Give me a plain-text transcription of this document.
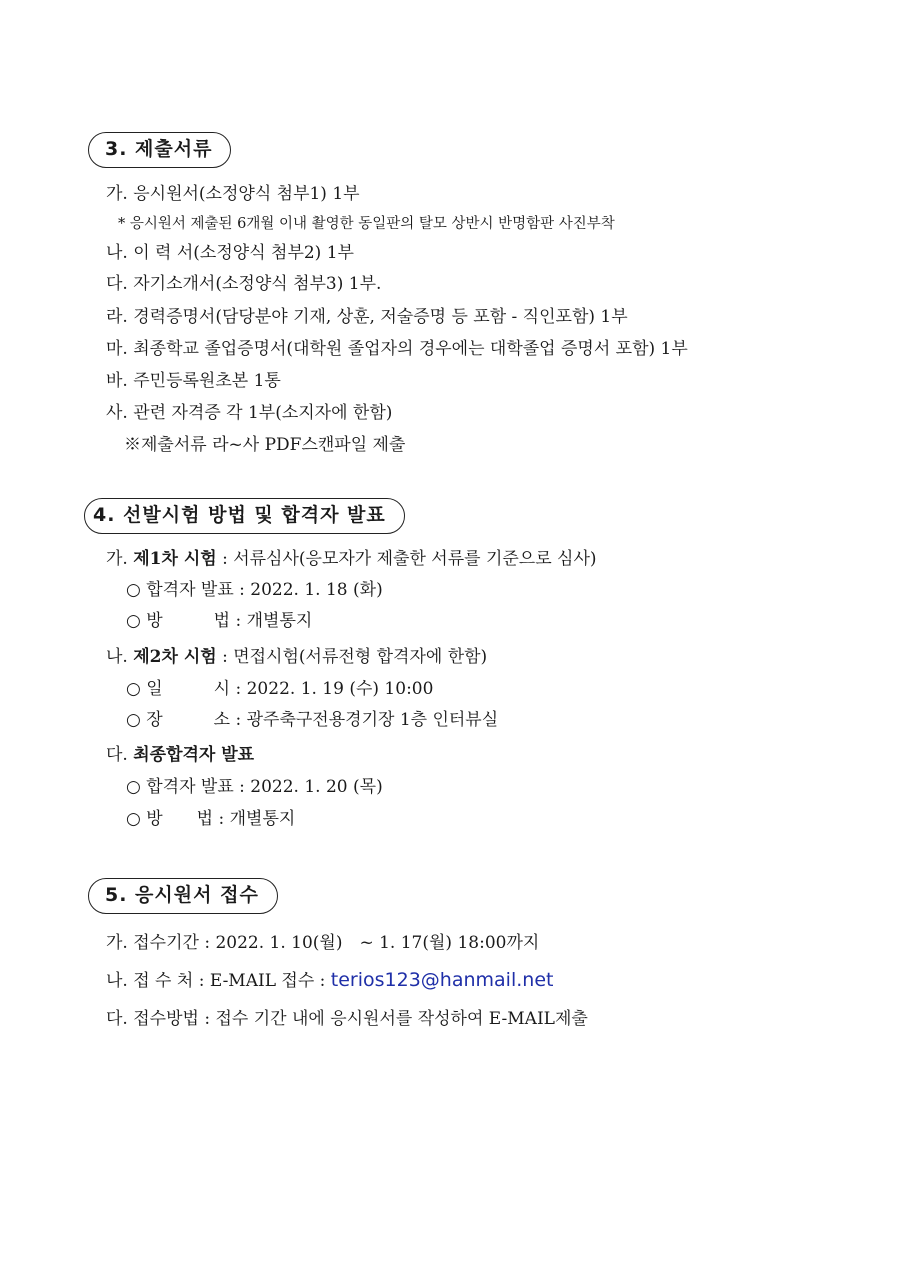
3. 제출서류
가. 응시원서(소정양식 첨부1) 1부
* 응시원서 제출된 6개월 이내 촬영한 동일판의 탈모 상반시 반명함판 사진부착
나. 이 력 서(소정양식 첨부2) 1부
다. 자기소개서(소정양식 첨부3) 1부.
라. 경력증명서(담당분야 기재, 상훈, 저술증명 등 포함 - 직인포함) 1부
마. 최종학교 졸업증명서(대학원 졸업자의 경우에는 대학졸업 증명서 포함) 1부
바. 주민등록원초본 1통
사. 관련 자격증 각 1부(소지자에 한함)
※제출서류 라~사 PDF스캔파일 제출
4. 선발시험 방법 및 합격자 발표
가. 제1차 시험 : 서류심사(응모자가 제출한 서류를 기준으로 심사)
○ 합격자 발표 : 2022. 1. 18 (화)
○ 방　　　법 : 개별통지
나. 제2차 시험 : 면접시험(서류전형 합격자에 한함)
○ 일　　　시 : 2022. 1. 19 (수) 10:00
○ 장　　　소 : 광주축구전용경기장 1층 인터뷰실
다. 최종합격자 발표
○ 합격자 발표 : 2022. 1. 20 (목)
○ 방　　법 : 개별통지
5. 응시원서 접수
가. 접수기간 : 2022. 1. 10(월)　~ 1. 17(월) 18:00까지
나. 접 수 처 : E-MAIL 접수 : terios123@hanmail.net
다. 접수방법 : 접수 기간 내에 응시원서를 작성하여 E-MAIL제출
